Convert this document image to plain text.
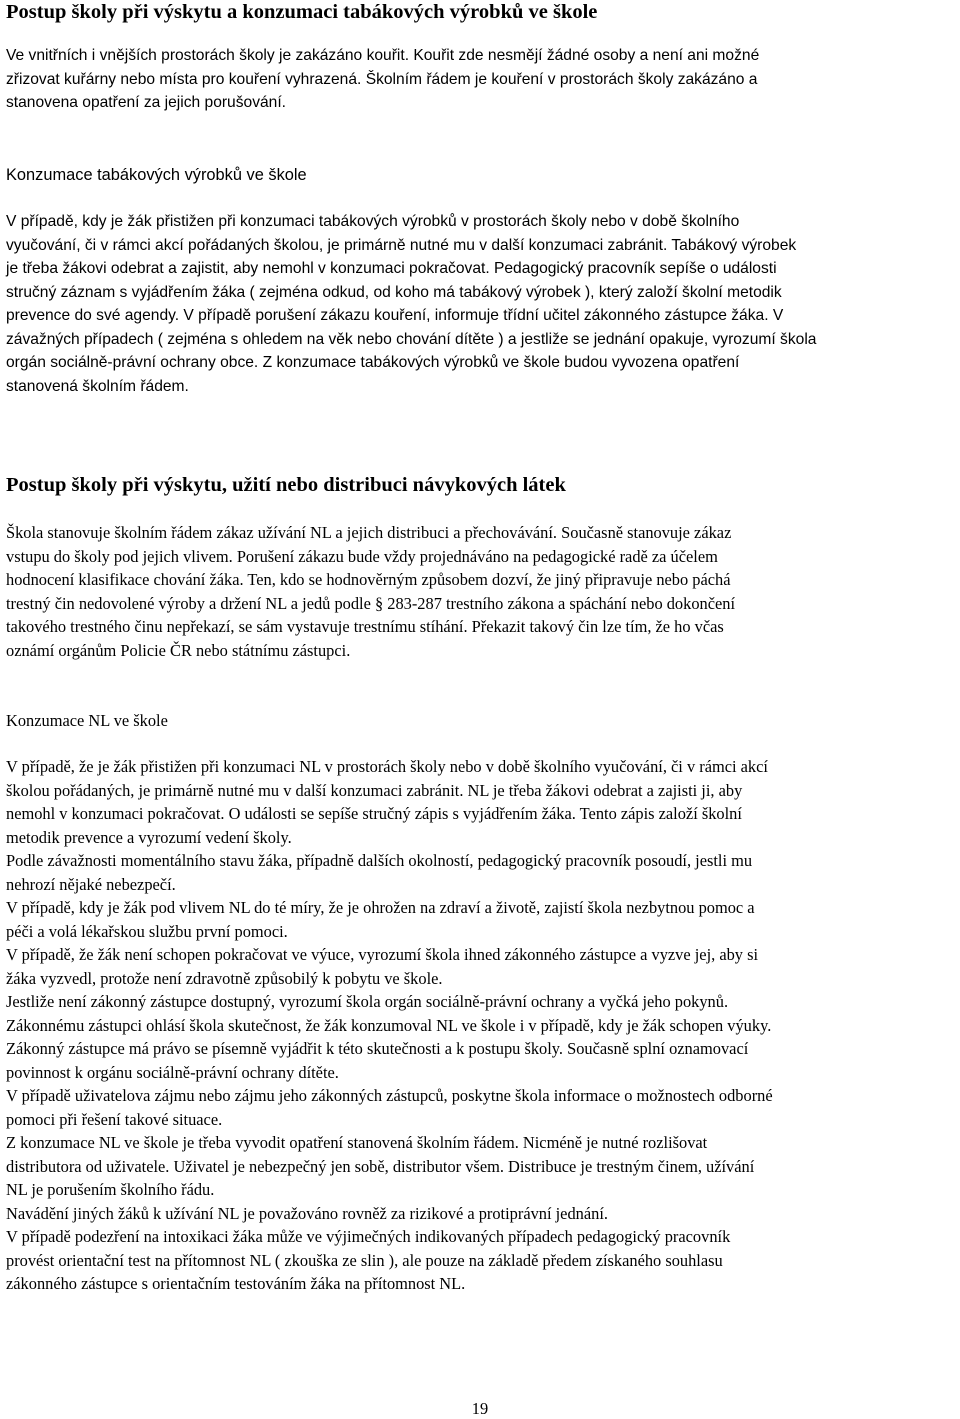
Postup školy při výskytu a konzumaci tabákových výrobků ve škole
Ve vnitřních i vnějších prostorách školy je zakázáno kouřit. Kouřit zde nesmějí žádné osoby a není ani možné
zřizovat kuřárny nebo místa pro kouření vyhrazená. Školním řádem je kouření v prostorách školy zakázáno a
stanovena opatření za jejich porušování.
Konzumace tabákových výrobků ve škole
V případě, kdy je žák přistižen při konzumaci tabákových výrobků v prostorách školy nebo v době školního
vyučování, či v rámci akcí pořádaných školou, je primárně nutné mu v další konzumaci zabránit. Tabákový výrobek
je třeba žákovi odebrat a zajistit, aby nemohl v konzumaci pokračovat. Pedagogický pracovník sepíše o události
stručný záznam s vyjádřením žáka ( zejména odkud, od koho má tabákový výrobek ), který založí školní metodik
prevence do své agendy. V případě porušení zákazu kouření, informuje třídní učitel zákonného zástupce žáka. V
závažných případech ( zejména s ohledem na věk nebo chování dítěte ) a jestliže se jednání opakuje, vyrozumí škola
orgán sociálně-právní ochrany obce. Z konzumace tabákových výrobků ve škole budou vyvozena opatření
stanovená školním řádem.
Postup školy při výskytu, užití nebo distribuci návykových látek
Škola stanovuje školním řádem zákaz užívání NL a jejich distribuci a přechovávání. Současně stanovuje zákaz
vstupu do školy pod jejich vlivem. Porušení zákazu bude vždy projednáváno na pedagogické radě za účelem
hodnocení klasifikace chování žáka. Ten, kdo se hodnověrným způsobem dozví, že jiný připravuje nebo páchá
trestný čin nedovolené výroby a držení NL a jedů podle § 283-287 trestního zákona a spáchání nebo dokončení
takového trestného činu nepřekazí, se sám vystavuje trestnímu stíhání. Překazit takový čin lze tím, že ho včas
oznámí orgánům Policie ČR nebo státnímu zástupci.
Konzumace NL ve škole
V případě, že je žák přistižen při konzumaci NL v prostorách školy nebo v době školního vyučování, či v rámci akcí
školou pořádaných, je primárně nutné mu v další konzumaci zabránit. NL je třeba žákovi odebrat a zajisti ji, aby
nemohl v konzumaci pokračovat. O události se sepíše stručný zápis s vyjádřením žáka. Tento zápis založí školní
metodik prevence a vyrozumí vedení školy.
Podle závažnosti momentálního stavu žáka, případně dalších okolností, pedagogický pracovník posoudí, jestli mu
nehrozí nějaké nebezpečí.
V případě, kdy je žák pod vlivem NL do té míry, že je ohrožen na zdraví a životě, zajistí škola nezbytnou pomoc a
péči a volá lékařskou službu první pomoci.
V případě, že žák není schopen pokračovat ve výuce, vyrozumí škola ihned zákonného zástupce a vyzve jej, aby si
žáka vyzvedl, protože není zdravotně způsobilý k pobytu ve škole.
Jestliže není zákonný zástupce dostupný, vyrozumí škola orgán sociálně-právní ochrany a vyčká jeho pokynů.
Zákonnému zástupci ohlásí škola skutečnost, že žák konzumoval NL ve škole i v případě, kdy je žák schopen výuky.
Zákonný zástupce má právo se písemně vyjádřit k této skutečnosti a k postupu školy. Současně splní oznamovací
povinnost k orgánu sociálně-právní ochrany dítěte.
V případě uživatelova zájmu nebo zájmu jeho zákonných zástupců, poskytne škola informace o možnostech odborné
pomoci při řešení takové situace.
Z konzumace NL ve škole je třeba vyvodit opatření stanovená školním řádem. Nicméně je nutné rozlišovat
distributora od uživatele. Uživatel je nebezpečný jen sobě, distributor všem. Distribuce je trestným činem, užívání
NL je porušením školního řádu.
Navádění jiných žáků k užívání NL je považováno rovněž za rizikové a protiprávní jednání.
V případě podezření na intoxikaci žáka může ve výjimečných indikovaných případech pedagogický pracovník
provést orientační test na přítomnost NL ( zkouška ze slin ), ale pouze na základě předem získaného souhlasu
zákonného zástupce s orientačním testováním žáka na přítomnost NL.
19
